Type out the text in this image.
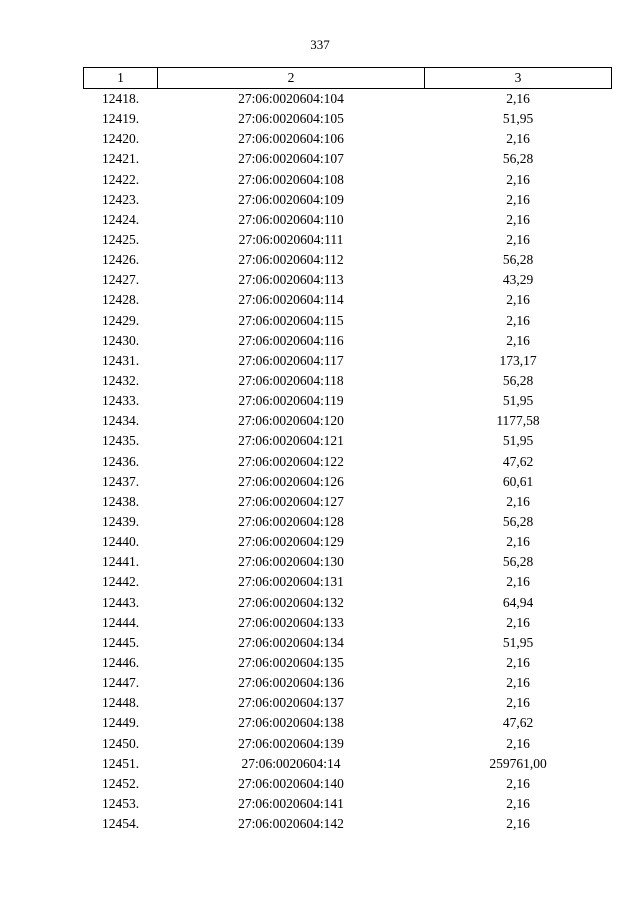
337
1	2	3
12418.	27:06:0020604:104	2,16
12419.	27:06:0020604:105	51,95
12420.	27:06:0020604:106	2,16
12421.	27:06:0020604:107	56,28
12422.	27:06:0020604:108	2,16
12423.	27:06:0020604:109	2,16
12424.	27:06:0020604:110	2,16
12425.	27:06:0020604:111	2,16
12426.	27:06:0020604:112	56,28
12427.	27:06:0020604:113	43,29
12428.	27:06:0020604:114	2,16
12429.	27:06:0020604:115	2,16
12430.	27:06:0020604:116	2,16
12431.	27:06:0020604:117	173,17
12432.	27:06:0020604:118	56,28
12433.	27:06:0020604:119	51,95
12434.	27:06:0020604:120	1177,58
12435.	27:06:0020604:121	51,95
12436.	27:06:0020604:122	47,62
12437.	27:06:0020604:126	60,61
12438.	27:06:0020604:127	2,16
12439.	27:06:0020604:128	56,28
12440.	27:06:0020604:129	2,16
12441.	27:06:0020604:130	56,28
12442.	27:06:0020604:131	2,16
12443.	27:06:0020604:132	64,94
12444.	27:06:0020604:133	2,16
12445.	27:06:0020604:134	51,95
12446.	27:06:0020604:135	2,16
12447.	27:06:0020604:136	2,16
12448.	27:06:0020604:137	2,16
12449.	27:06:0020604:138	47,62
12450.	27:06:0020604:139	2,16
12451.	27:06:0020604:14	259761,00
12452.	27:06:0020604:140	2,16
12453.	27:06:0020604:141	2,16
12454.	27:06:0020604:142	2,16
